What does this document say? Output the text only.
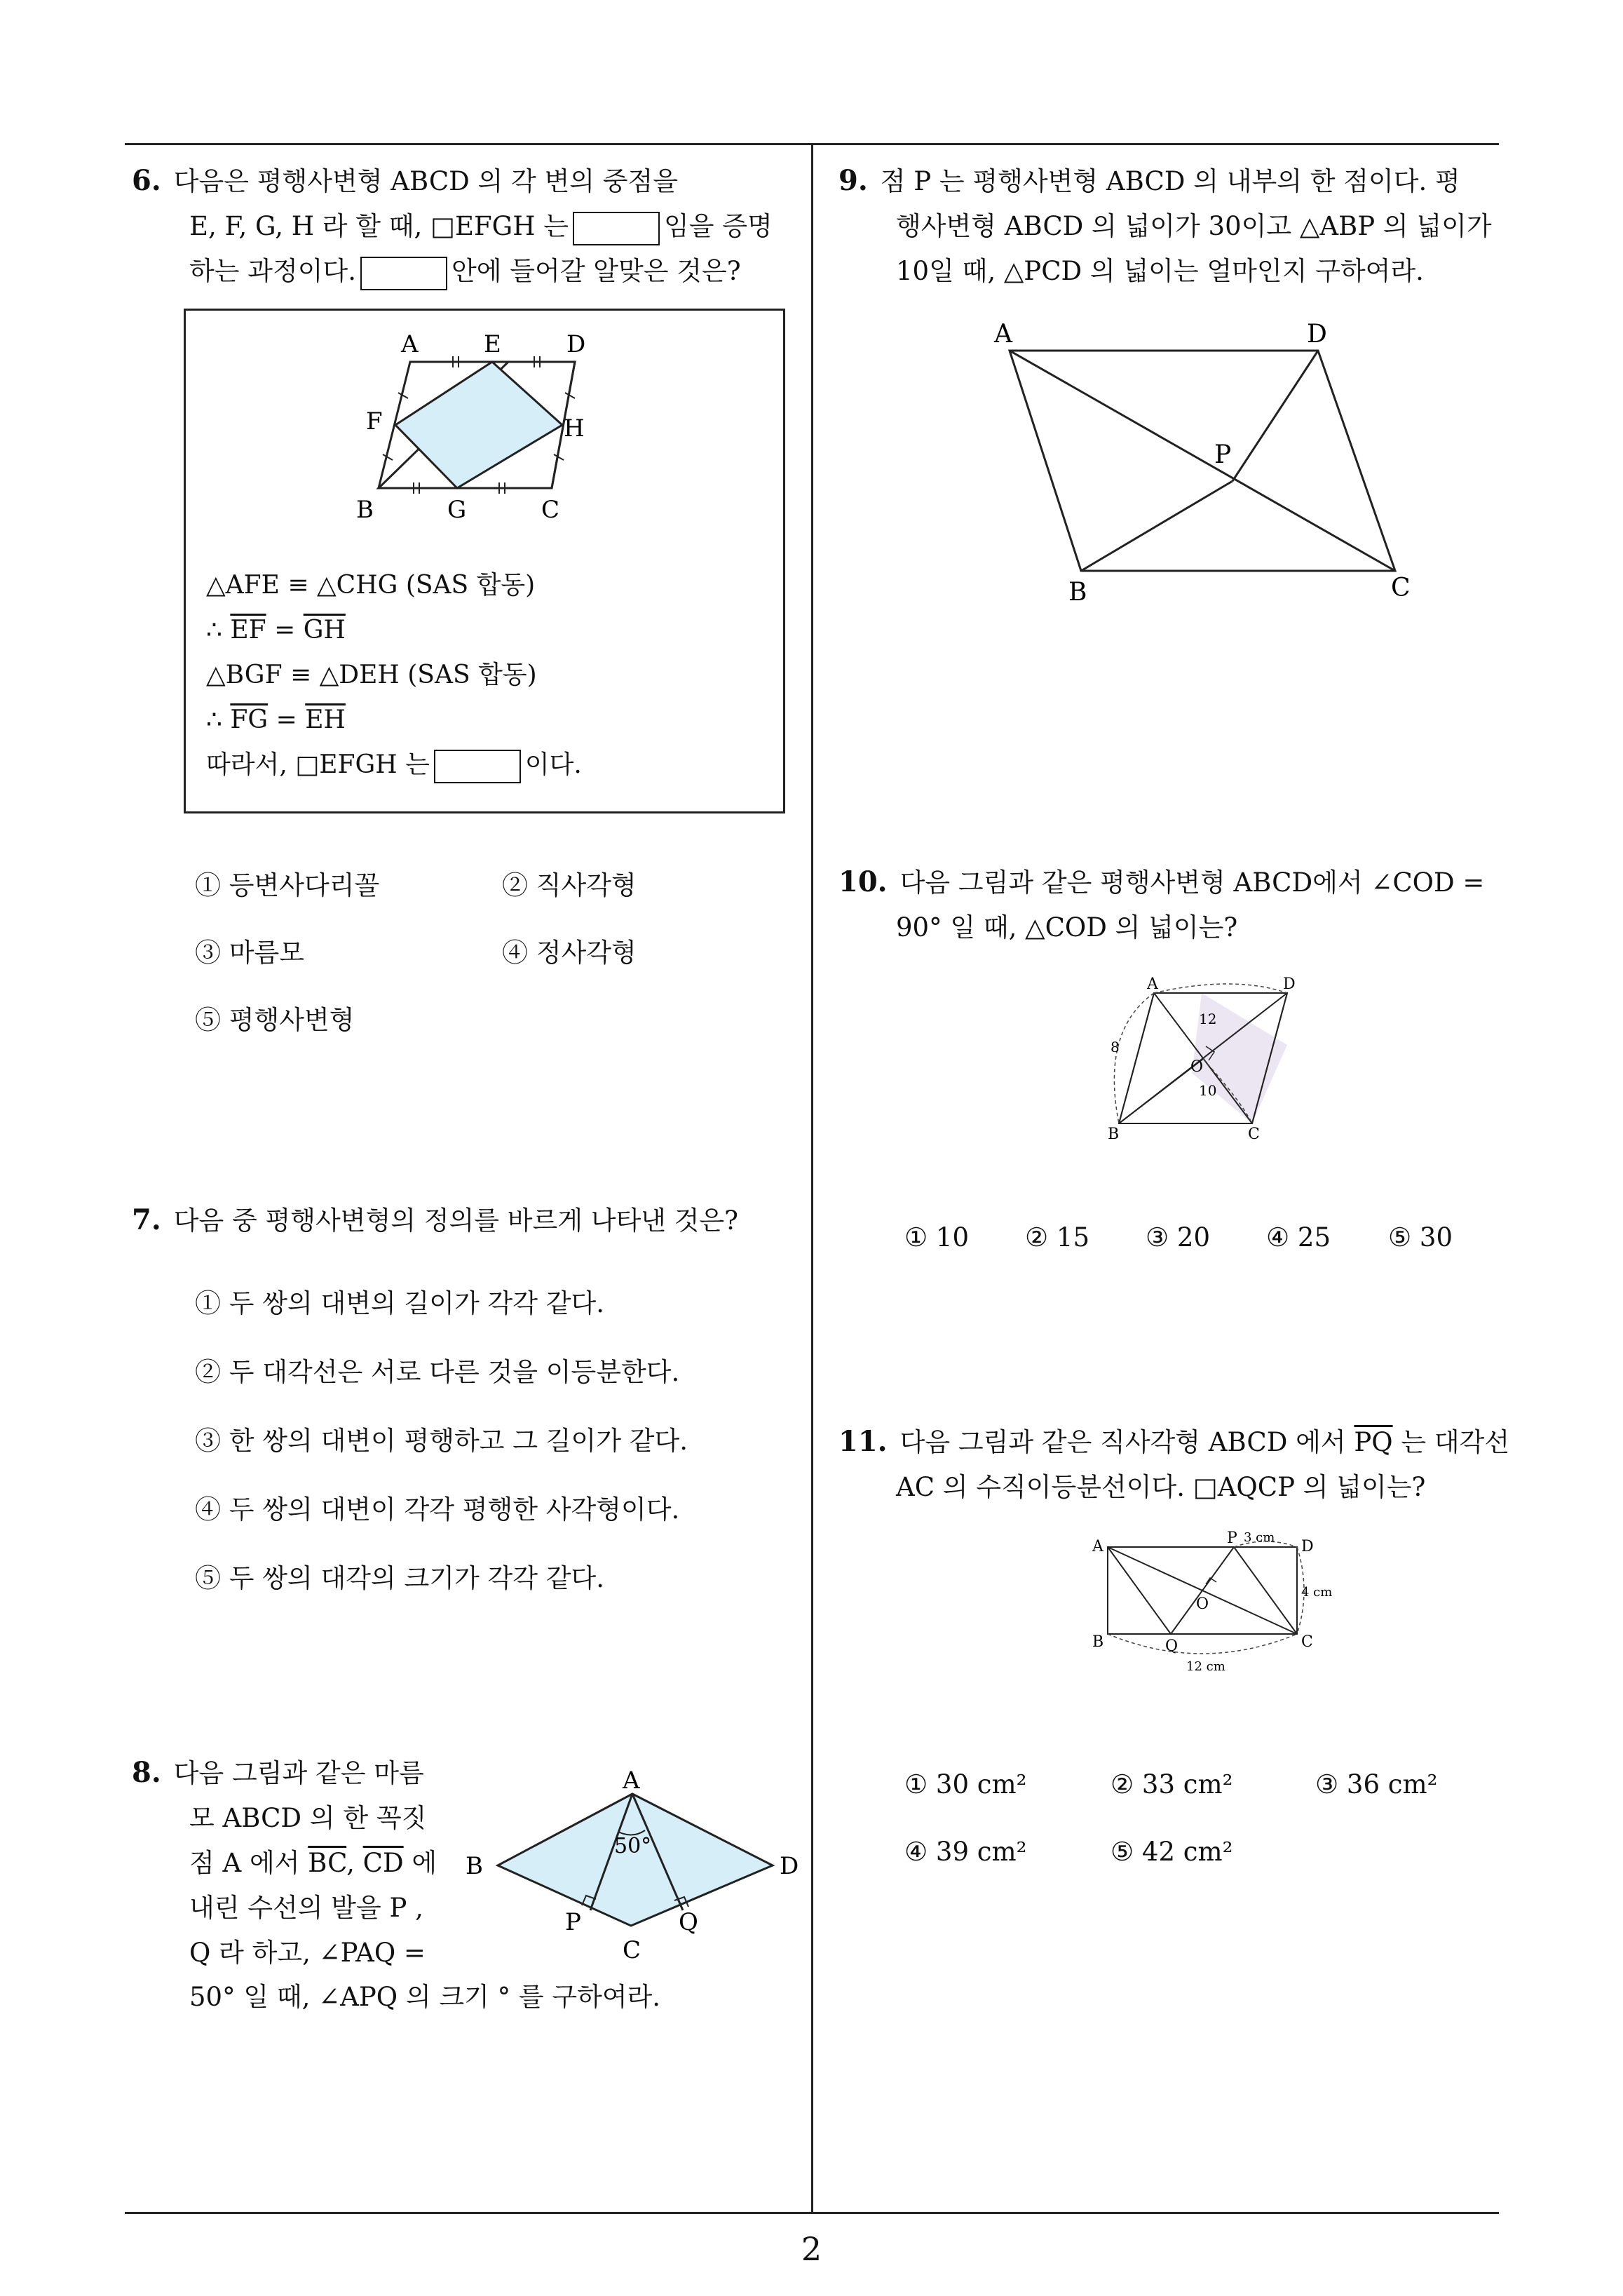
6. 다음은 평행사변형 ABCD 의 각 변의 중점을
E, F, G, H 라 할 때, □EFGH 는	임을 증명
하는 과정이다.	안에 들어갈 알맞은 것은?
A	E	D
F	H
B	G	C
△AFE ≡ △CHG (SAS 합동)
∴ $\overline{EF} = \overline{GH}$
△BGF ≡ △DEH (SAS 합동)
∴ $\overline{FG} = \overline{EH}$
따라서, □EFGH 는	이다.
① 등변사다리꼴	② 직사각형
③ 마름모	④ 정사각형
⑤ 평행사변형
7. 다음 중 평행사변형의 정의를 바르게 나타낸 것은?
① 두 쌍의 대변의 길이가 각각 같다.
② 두 대각선은 서로 다른 것을 이등분한다.
③ 한 쌍의 대변이 평행하고 그 길이가 같다.
④ 두 쌍의 대변이 각각 평행한 사각형이다.
⑤ 두 쌍의 대각의 크기가 각각 같다.
8. 다음 그림과 같은 마름
모 ABCD 의 한 꼭짓
점 A 에서 $\overline{BC}$, $\overline{CD}$ 에
내린 수선의 발을 P ,
Q 라 하고, ∠PAQ =
50° 일 때, ∠APQ 의 크기 ° 를 구하여라.
A
B	D
P	Q
C
50°
9. 점 P 는 평행사변형 ABCD 의 내부의 한 점이다. 평
행사변형 ABCD 의 넓이가 30이고 △ABP 의 넓이가
10일 때, △PCD 의 넓이는 얼마인지 구하여라.
A	D
P
B	C
10. 다음 그림과 같은 평행사변형 ABCD에서 ∠COD =
90° 일 때, △COD 의 넓이는?
A	D
B	C
O
8
12
10
① 10 ② 15 ③ 20 ④ 25 ⑤ 30
11. 다음 그림과 같은 직사각형 ABCD 에서 $\overline{PQ}$ 는 대각선
AC 의 수직이등분선이다. □AQCP 의 넓이는?
A	P	D
B	Q	C
O
3 cm
4 cm
12 cm
① 30 cm²	② 33 cm²	③ 36 cm²
④ 39 cm²	⑤ 42 cm²
2
